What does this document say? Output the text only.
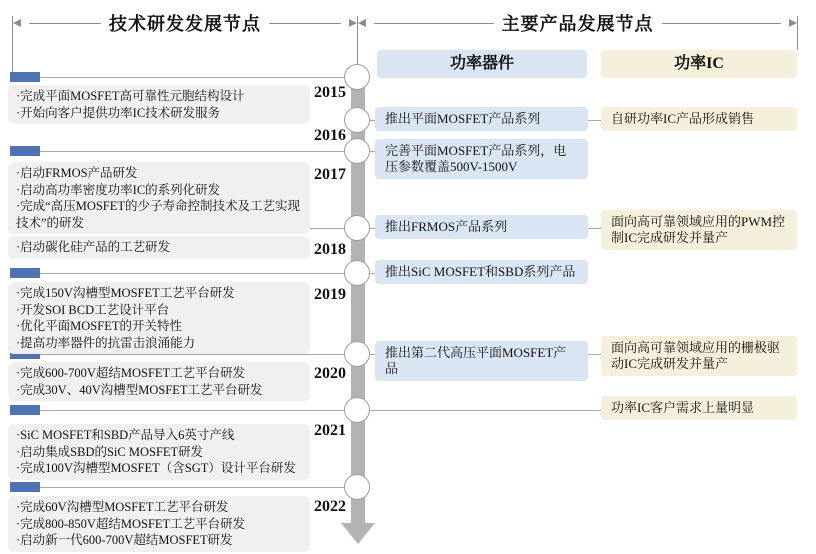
技术研发发展节点	主要产品发展节点
功率器件	功率IC
2015
2016
2017
2018
2019
2020
2021
2022
·完成平面MOSFET高可靠性元胞结构设计
·开始向客户提供功率IC技术研发服务
·启动FRMOS产品研发
·启动高功率密度功率IC的系列化研发
·完成“高压MOSFET的少子寿命控制技术及工艺实现技术”的研发
·启动碳化硅产品的工艺研发
·完成150V沟槽型MOSFET工艺平台研发
·开发SOI BCD工艺设计平台
·优化平面MOSFET的开关特性
·提高功率器件的抗雷击浪涌能力
·完成600-700V超结MOSFET工艺平台研发
·完成30V、40V沟槽型MOSFET工艺平台研发
·SiC MOSFET和SBD产品导入6英寸产线
·启动集成SBD的SiC MOSFET研发
·完成100V沟槽型MOSFET（含SGT）设计平台研发
·完成60V沟槽型MOSFET工艺平台研发
·完成800-850V超结MOSFET工艺平台研发
·启动新一代600-700V超结MOSFET研发
推出平面MOSFET产品系列
完善平面MOSFET产品系列，电压参数覆盖500V-1500V
推出FRMOS产品系列
推出SiC MOSFET和SBD系列产品
推出第二代高压平面MOSFET产品
自研功率IC产品形成销售
面向高可靠领域应用的PWM控制IC完成研发并量产
面向高可靠领域应用的栅极驱动IC完成研发并量产
功率IC客户需求上量明显
